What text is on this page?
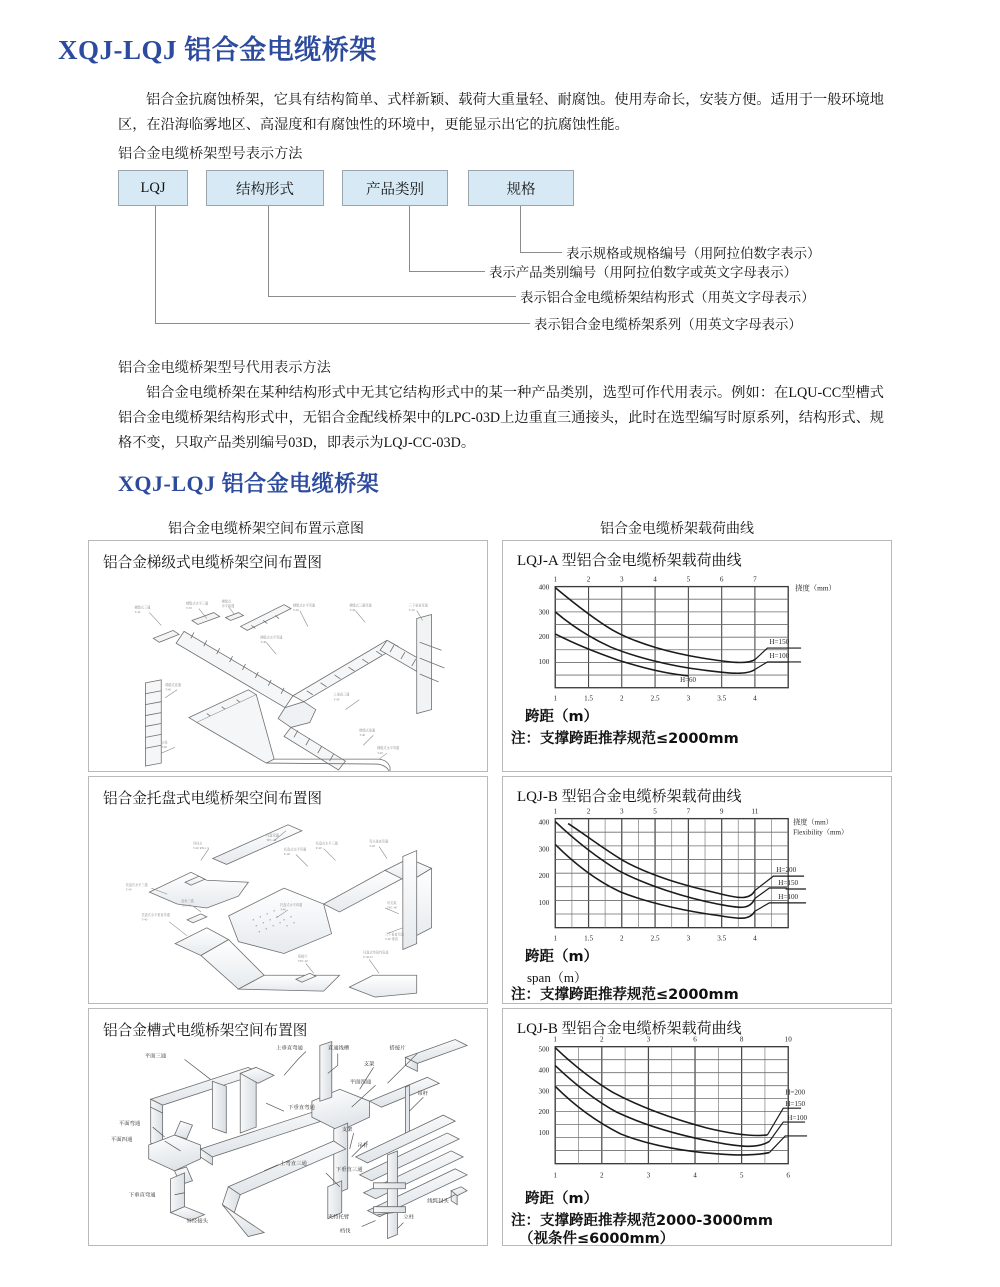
XQJ-LQJ 铝合金电缆桥架
铝合金抗腐蚀桥架，它具有结构简单、式样新颖、载荷大重量轻、耐腐蚀。使用寿命长，安装方便。适用于一般环境地区，在沿海临雾地区、高湿度和有腐蚀性的环境中，更能显示出它的抗腐蚀性能。
铝合金电缆桥架型号表示方法
LQJ	结构形式	产品类别	规格
表示规格或规格编号（用阿拉伯数字表示）
表示产品类别编号（用阿拉伯数字或英文字母表示）
表示铝合金电缆桥架结构形式（用英文字母表示）
表示铝合金电缆桥架系列（用英文字母表示）
铝合金电缆桥架型号代用表示方法
铝合金电缆桥架在某种结构形式中无其它结构形式中的某一种产品类别，选型可作代用表示。例如：在LQU-CC型槽式铝合金电缆桥架结构形式中，无铝合金配线桥架中的LPC-03D上边重直三通接头，此时在选型编写时原系列，结构形式、规格不变，只取产品类别编号03D，即表示为LQJ-CC-03D。
XQJ-LQJ 铝合金电缆桥架
铝合金电缆桥架空间布置示意图	铝合金电缆桥架载荷曲线
铝合金梯级式电缆桥架空间布置图
梯级式三通
T-40
梯级式水平三通
T-30
梯级式
水平四通
梯级式水平弯通
T-40
梯级式水平弯通
T-40
梯级式三通弯通
T-40
三下垂直弯通
T-40
梯级式直通
T-40
立柱
T-40
上垂直三通
T-40
梯级式垂通
T-40
梯级式水平弯通
T-40
铝合金托盘式电缆桥架空间布置图
异径头
T-40 RD-1.5
托盘弯通
TPC-40
托盘式水平弯通
P-40
托盘式水平三通
P-40
弯头垂直弯通
T-40
托盘式水平三通
T-40
直角三通
TPC-40	托盘式水平四通
T-40
吊支架
TPC-40
三下垂直弯通
T-40 垂直
托盘式水平垂直弯通
T-40
搭接片
TPC-40
托盘式单层内底盖
P-40-D
铝合金槽式电缆桥架空间布置图
平面三通
上垂直弯通	直通线槽	搭接片
支架
平面四通
吊杆
下垂直弯通
平面弯通
平面四通
支架
吊杆
上弯直三通
下垂直弯通
异径接头
下垂直三通
线缆封头
立柱
夹持托臂
档伐
LQJ-A 型铝合金电缆桥架载荷曲线
1	2	3	4	5	6	7
1	1.5	2	2.5	3	3.5	4
400
300
200
100
H=60
H=150
H=100
挠度（mm）
跨距（m）
注：支撑跨距推荐规范≤2000mm
LQJ-B 型铝合金电缆桥架载荷曲线
1	2	3	5	7	9	11
1	1.5	2	2.5	3	3.5	4
400
300
200
100
H=200
H=150
H=100
挠度（mm）
Flexibility（mm）
跨距（m）
span（m）
注：支撑跨距推荐规范≤2000mm
LQJ-B 型铝合金电缆桥架载荷曲线
1	2	3	6	8	10
1	2	3	4	5	6
500
400
300
200
100
H=200
H=150
H=100
跨距（m）
注：支撑跨距推荐规范2000-3000mm
（视条件≤6000mm）
